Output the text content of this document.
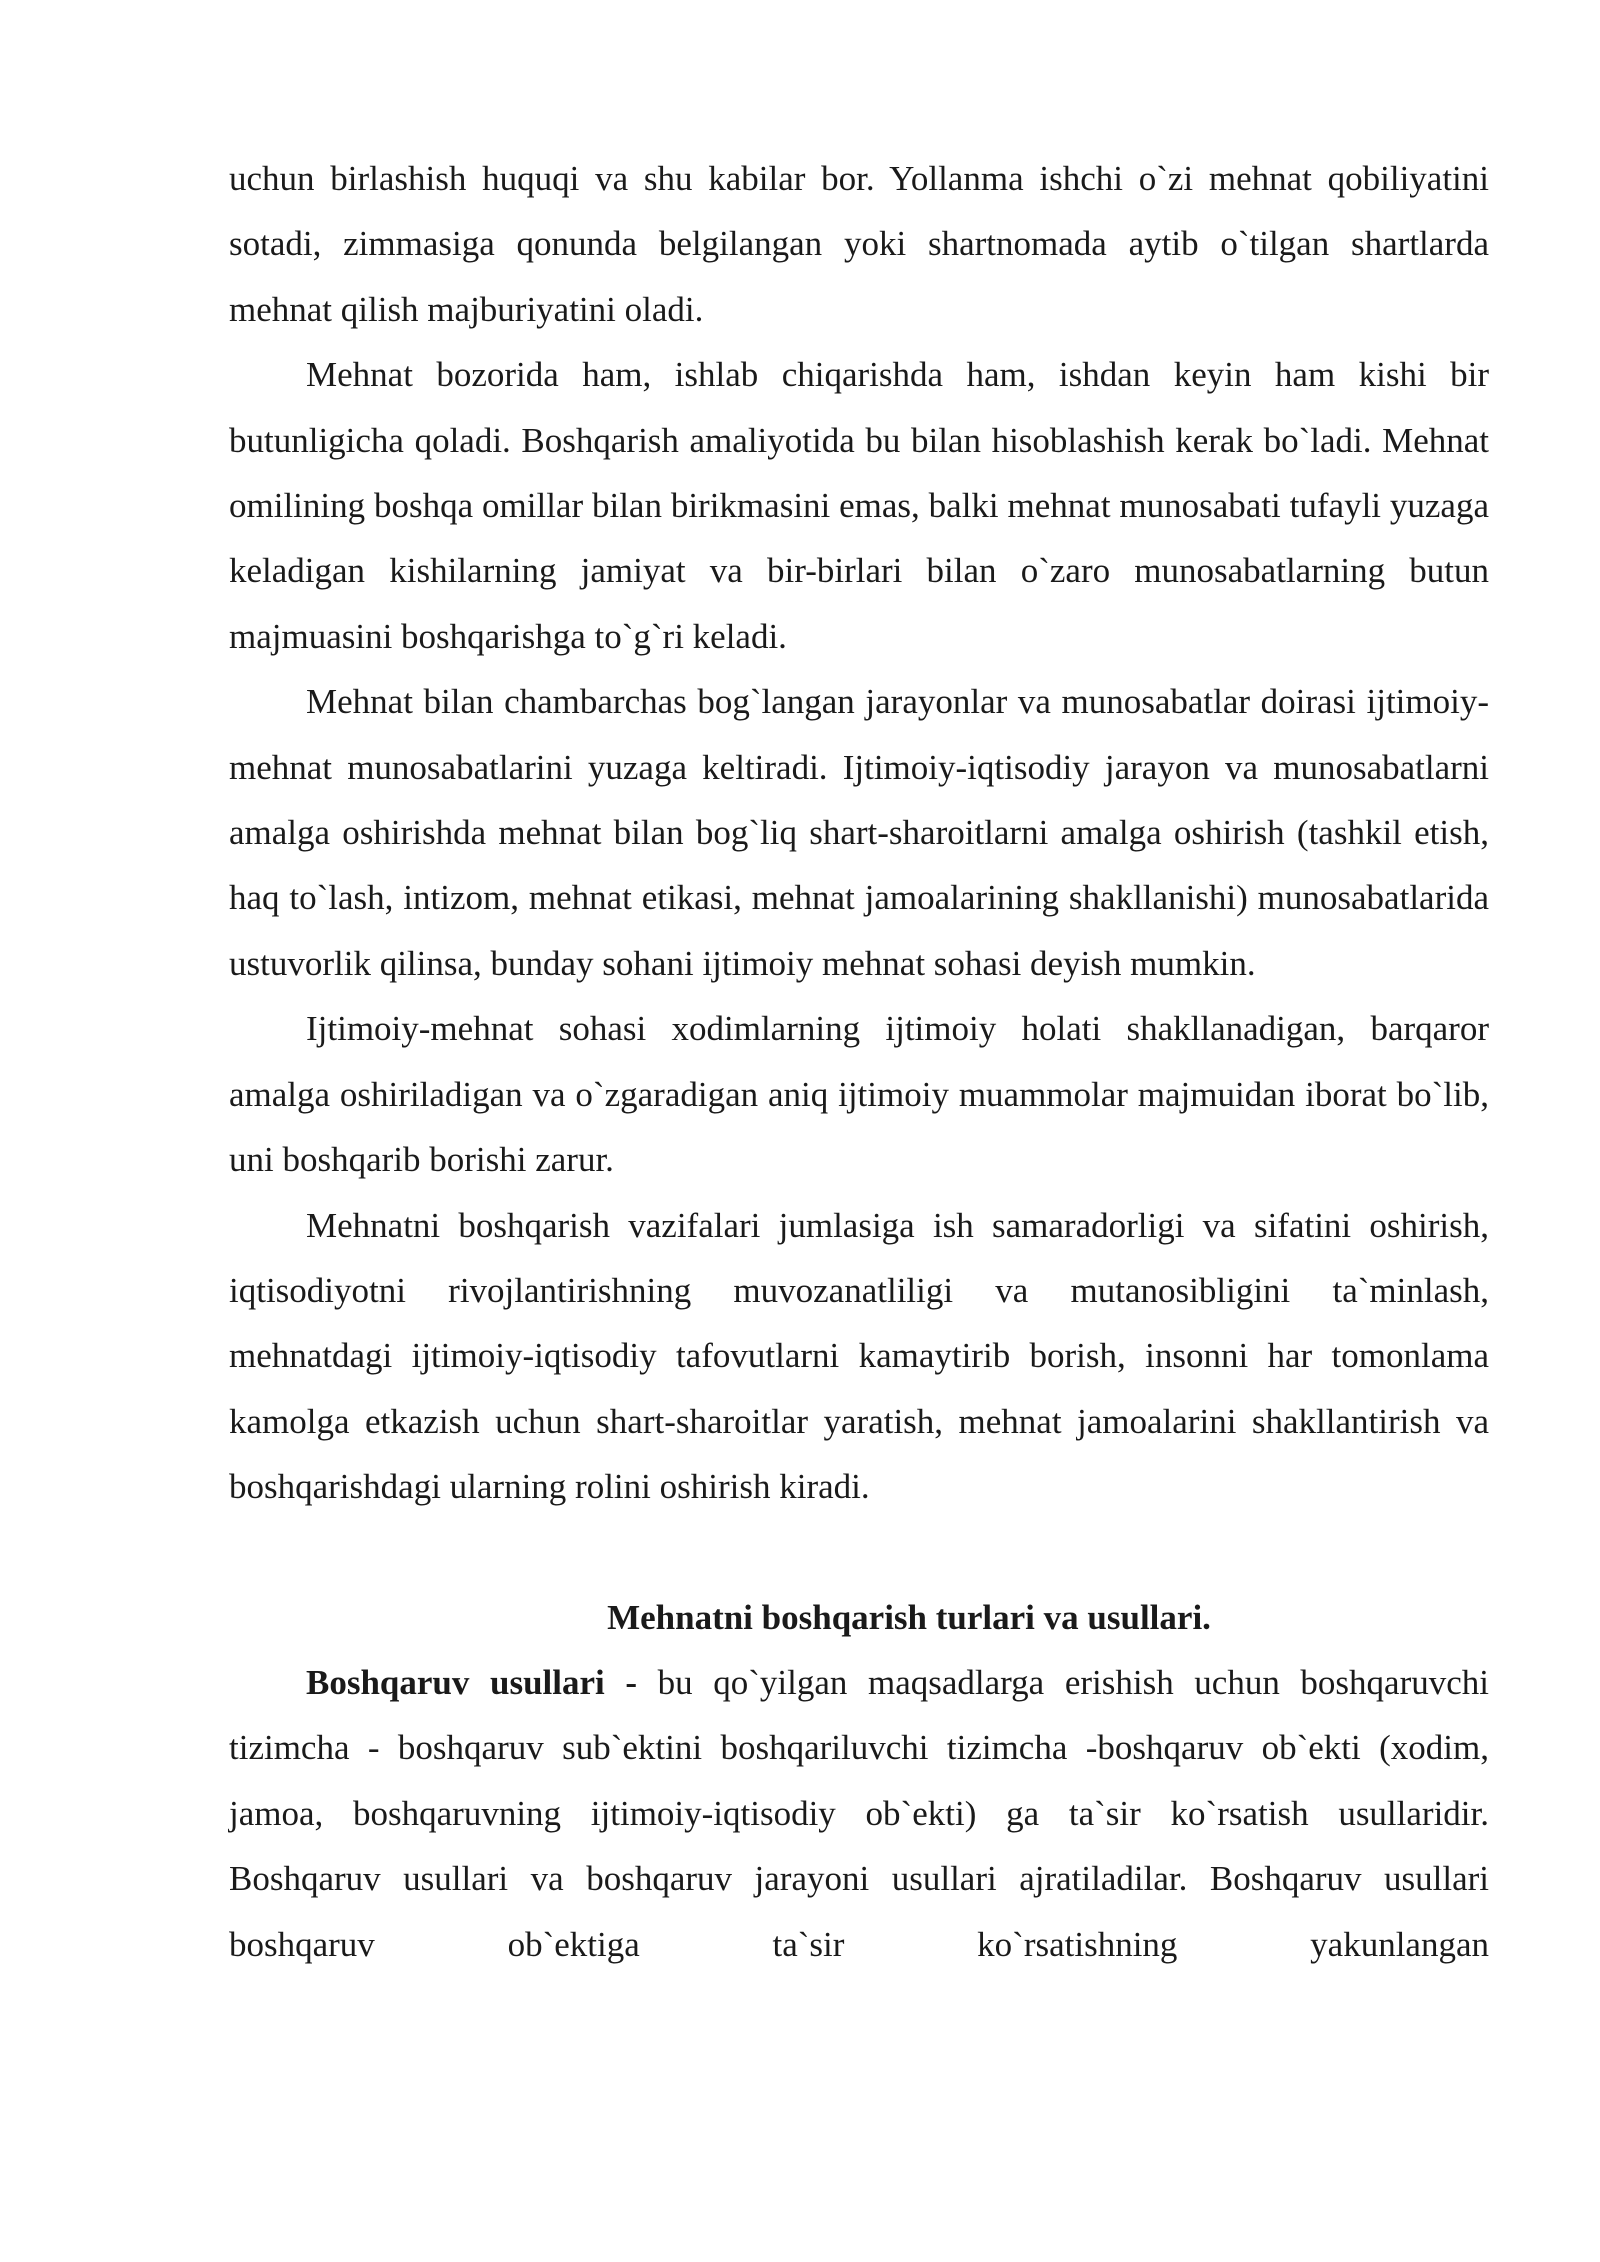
uchun birlashish huquqi va shu kabilar bor. Yollanma ishchi o`zi mehnat qobiliyatini sotadi, zimmasiga qonunda belgilangan yoki shartnomada aytib o`tilgan shartlarda mehnat qilish majburiyatini oladi.

Mehnat bozorida ham, ishlab chiqarishda ham, ishdan keyin ham kishi bir butunligicha qoladi. Boshqarish amaliyotida bu bilan hisoblashish kerak bo`ladi. Mehnat omilining boshqa omillar bilan birikmasini emas, balki mehnat munosabati tufayli yuzaga keladigan kishilarning jamiyat va bir-birlari bilan o`zaro munosabatlarning butun majmuasini boshqarishga to`g`ri keladi.

Mehnat bilan chambarchas bog`langan jarayonlar va munosabatlar doirasi ijtimoiy-mehnat munosabatlarini yuzaga keltiradi. Ijtimoiy-iqtisodiy jarayon va munosabatlarni amalga oshirishda mehnat bilan bog`liq shart-sharoitlarni amalga oshirish (tashkil etish, haq to`lash, intizom, mehnat etikasi, mehnat jamoalarining shakllanishi) munosabatlarida ustuvorlik qilinsa, bunday sohani ijtimoiy mehnat sohasi deyish mumkin.

Ijtimoiy-mehnat sohasi xodimlarning ijtimoiy holati shakllanadigan, barqaror amalga oshiriladigan va o`zgaradigan aniq ijtimoiy muammolar majmuidan iborat bo`lib, uni boshqarib borishi zarur.

Mehnatni boshqarish vazifalari jumlasiga ish samaradorligi va sifatini oshirish, iqtisodiyotni rivojlantirishning muvozanatliligi va mutanosibligini ta`minlash, mehnatdagi ijtimoiy-iqtisodiy tafovutlarni kamaytirib borish, insonni har tomonlama kamolga etkazish uchun shart-sharoitlar yaratish, mehnat jamoalarini shakllantirish va boshqarishdagi ularning rolini oshirish kiradi.

Mehnatni boshqarish turlari va usullari.

Boshqaruv usullari - bu qo`yilgan maqsadlarga erishish uchun boshqaruvchi tizimcha - boshqaruv sub`ektini boshqariluvchi tizimcha -boshqaruv ob`ekti (xodim, jamoa, boshqaruvning ijtimoiy-iqtisodiy ob`ekti) ga ta`sir ko`rsatish usullaridir. Boshqaruv usullari va boshqaruv jarayoni usullari ajratiladilar. Boshqaruv usullari boshqaruv ob`ektiga ta`sir ko`rsatishning yakunlangan
